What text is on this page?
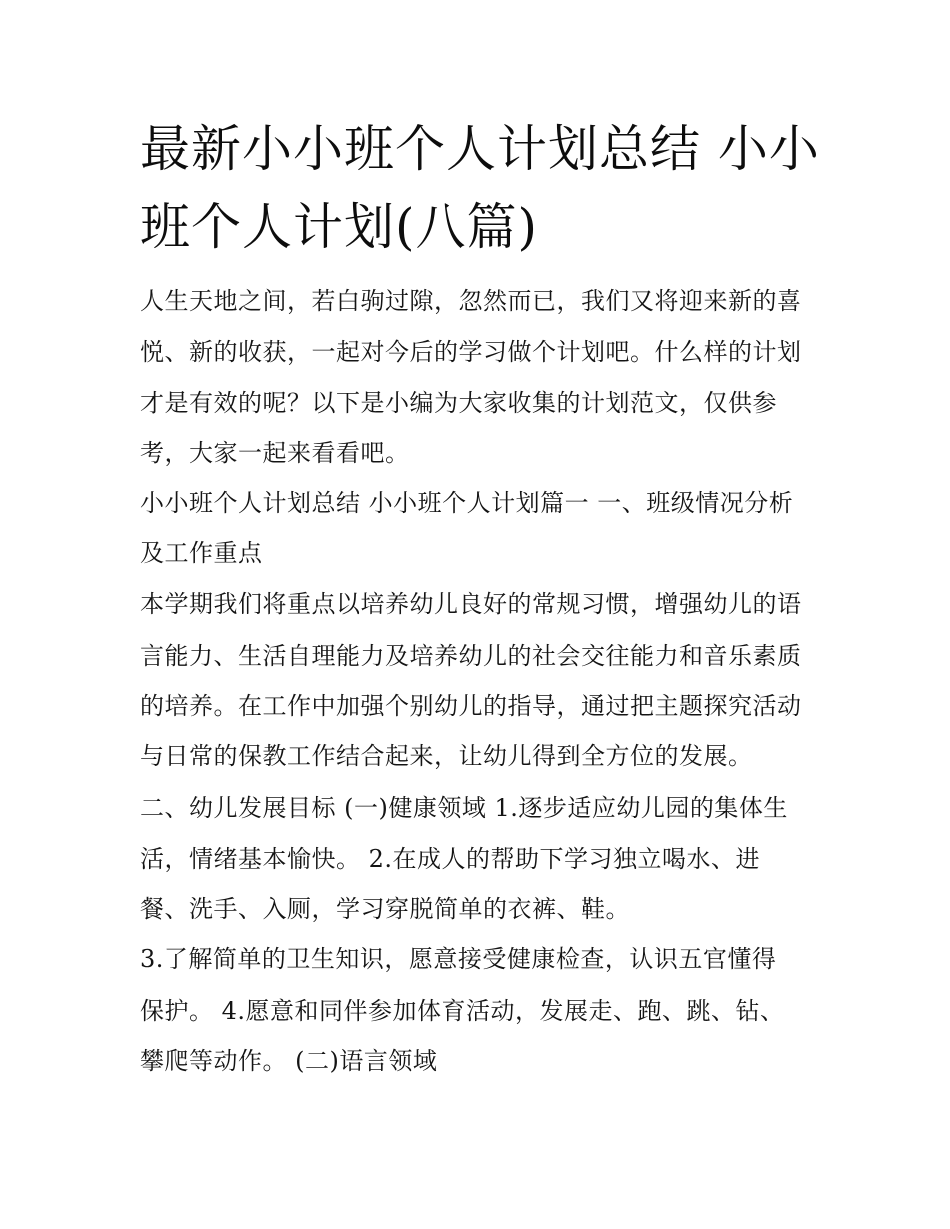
最新小小班个人计划总结 小小
班个人计划(八篇)
人生天地之间，若白驹过隙，忽然而已，我们又将迎来新的喜
悦、新的收获，一起对今后的学习做个计划吧。什么样的计划
才是有效的呢？以下是小编为大家收集的计划范文，仅供参
考，大家一起来看看吧。
小小班个人计划总结 小小班个人计划篇一 一、班级情况分析
及工作重点
本学期我们将重点以培养幼儿良好的常规习惯，增强幼儿的语
言能力、生活自理能力及培养幼儿的社会交往能力和音乐素质
的培养。在工作中加强个别幼儿的指导，通过把主题探究活动
与日常的保教工作结合起来，让幼儿得到全方位的发展。
二、幼儿发展目标 (一)健康领域 1.逐步适应幼儿园的集体生
活，情绪基本愉快。 2.在成人的帮助下学习独立喝水、进
餐、洗手、入厕，学习穿脱简单的衣裤、鞋。
3.了解简单的卫生知识，愿意接受健康检查，认识五官懂得
保护。 4.愿意和同伴参加体育活动，发展走、跑、跳、钻、
攀爬等动作。 (二)语言领域
